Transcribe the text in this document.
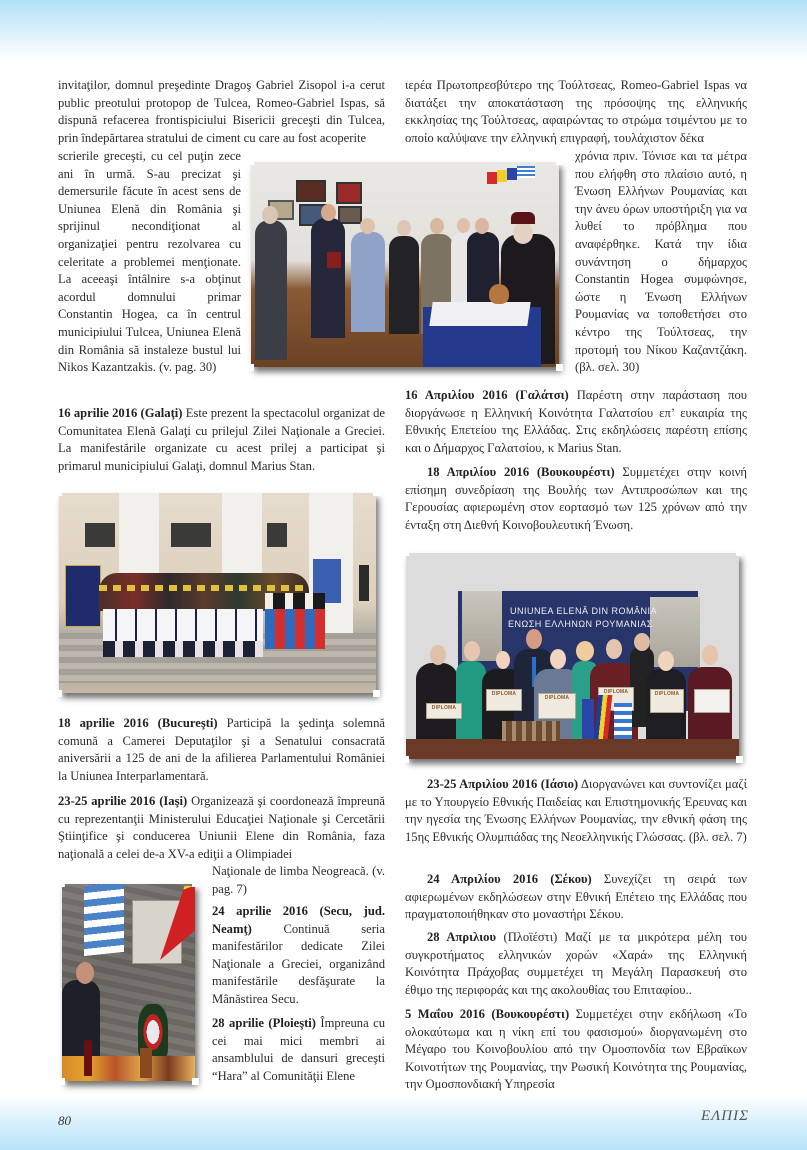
invitaţilor, domnul preşedinte Dragoş Gabriel Zisopol i-a cerut public preotului protopop de Tulcea, Romeo-Gabriel Ispas, să dispună refacerea frontispiciului Bisericii greceşti din Tulcea, prin îndepărtarea stratului de ciment cu care au fost acoperite

scrierile greceşti, cu cel puţin zece ani în urmă. S-au precizat şi demersurile făcute în acest sens de Uniunea Elenă din România şi sprijinul necondiţionat al organizaţiei pentru rezolvarea cu celeritate a problemei menţionate. La aceeaşi întâlnire s-a obţinut acordul domnului primar Constantin Hogea, ca în centrul municipiului Tulcea, Uniunea Elenă din România să instaleze bustul lui Nikos Kazantzakis. (v. pag. 30)

16 aprilie 2016 (Galaţi) Este prezent la spectacolul organizat de Comunitatea Elenă Galaţi cu prilejul Zilei Naţionale a Greciei. La manifestările organizate cu acest prilej a participat şi primarul municipiului Galaţi, domnul Marius Stan.

18 aprilie 2016 (Bucureşti) Participă la şedinţa solemnă comună a Camerei Deputaţilor şi a Senatului consacrată aniversării a 125 de ani de la afilierea Parlamentului României la Uniunea Interparlamentară.

23-25 aprilie 2016 (Iaşi) Organizează şi coordonează împreună cu reprezentanţii Ministerului Educaţiei Naţionale şi Cercetării Ştiinţifice şi conducerea Uniunii Elene din România, faza naţională a celei de-a XV-a ediţii a Olimpiadei

Naţionale de limba Neogreacă. (v. pag. 7)

24 aprilie 2016 (Secu, jud. Neamţ) Continuă seria manifestărilor dedicate Zilei Naţionale a Greciei, organizând manifestările desfăşurate la Mânăstirea Secu.

28 aprilie (Ploieşti) Împreuna cu cei mai mici membri ai ansamblului de dansuri greceşti “Hara” al Comunităţii Elene

ιερέα Πρωτοπρεσβύτερο της Τούλτσεας, Romeo-Gabriel Ispas να διατάξει την αποκατάσταση της πρόσοψης της ελληνικής εκκλησίας της Τούλτσεας, αφαιρώντας το στρώμα τσιμέντου με το οποίο καλύψανε την ελληνική επιγραφή, τουλάχιστον δέκα

χρόνια πριν. Τόνισε και τα μέτρα που ελήφθη στο πλαίσιο αυτό, η Ένωση Ελλήνων Ρουμανίας και την άνευ όρων υποστήριξη για να λυθεί το πρόβλημα που αναφέρθηκε. Κατά την ίδια συνάντηση ο δήμαρχος Constantin Hogea συμφώνησε, ώστε η Ένωση Ελλήνων Ρουμανίας να τοποθετήσει στο κέντρο της Τούλτσεας, την προτομή του Νίκου Καζαντζάκη. (βλ. σελ. 30)

16 Απριλίου 2016 (Γαλάτσι) Παρέστη στην παράσταση που διοργάνωσε η Ελληνική Κοινότητα Γαλατσίου επ’ ευκαιρία της Εθνικής Επετείου της Ελλάδας. Στις εκδηλώσεις παρέστη επίσης και ο Δήμαρχος Γαλατσίου, κ Marius Stan.

18 Απριλίου 2016 (Βουκουρέστι) Συμμετέχει στην κοινή επίσημη συνεδρίαση της Βουλής των Αντιπροσώπων και της Γερουσίας αφιερωμένη στον εορτασμό των 125 χρόνων από την ένταξη στη Διεθνή Κοινοβουλευτική Ένωση.

23-25 Απριλίου 2016 (Ιάσιο) Διοργανώνει και συντονίζει μαζί με το Υπουργείο Εθνικής Παιδείας και Επιστημονικής Έρευνας και την ηγεσία της Ένωσης Ελλήνων Ρουμανίας, την εθνική φάση της 15ης Εθνικής Ολυμπιάδας της Νεοελληνικής Γλώσσας. (βλ. σελ. 7)

24 Απριλίου 2016 (Σέκου) Συνεχίζει τη σειρά των αφιερωμένων εκδηλώσεων στην Εθνική Επέτειο της Ελλάδας που πραγματοποιήθηκαν στο μοναστήρι Σέκου.

28 Απριλιου (Πλοϊέστι) Μαζί με τα μικρότερα μέλη του συγκροτήματος ελληνικών χορών «Χαρά» της Ελληνική Κοινότητα Πράχοβας συμμετέχει τη Μεγάλη Παρασκευή στο έθιμο της περιφοράς και της ακολουθίας του Επιταφίου..

5 Μαΐου 2016 (Βουκουρέστι) Συμμετέχει στην εκδήλωση «Το ολοκαύτωμα και η νίκη επί του φασισμού» διοργανωμένη στο Μέγαρο του Κοινοβουλίου από την Ομοσπονδία των Εβραϊκων Κοινοτήτων της Ρουμανίας, την Ρωσική Κοινότητα της Ρουμανίας, την Ομοσπονδιακή Υπηρεσία

UNIUNEA ELENĂ DIN ROMÂNIA
ΕΝΩΣΗ ΕΛΛΗΝΩΝ ΡΟΥΜΑΝΙΑΣ
DIPLOMA
DIPLOMA
DIPLOMA
DIPLOMA	DIPLOMA
80	ΕΛΠΙΣ
